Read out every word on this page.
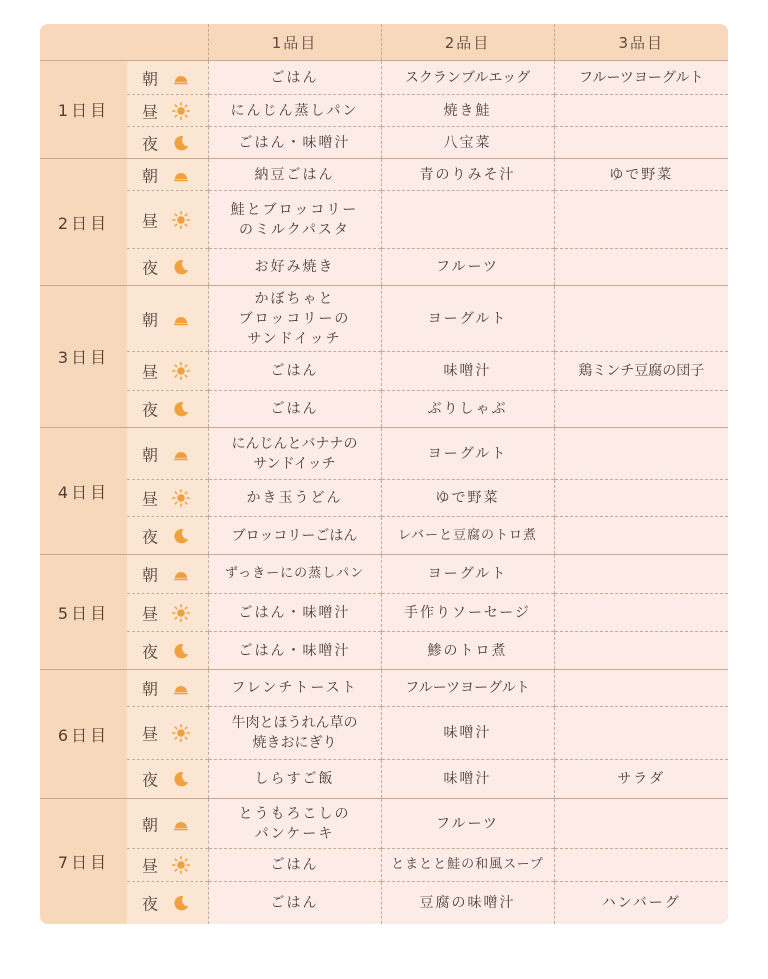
		1品目	2品目	3品目
1日目	朝	ごはん	スクランブルエッグ	フルーツヨーグルト

	昼	にんじん蒸しパン	焼き鮭	

	夜	ごはん・味噌汁	八宝菜	

2日目	朝	納豆ごはん	青のりみそ汁	ゆで野菜

	昼	鮭とブロッコリー
のミルクパスタ		

	夜	お好み焼き	フルーツ	

3日目	朝	かぼちゃと
ブロッコリーの
サンドイッチ	ヨーグルト	

	昼	ごはん	味噌汁	鶏ミンチ豆腐の団子

	夜	ごはん	ぶりしゃぶ	

4日目	朝	にんじんとバナナの
サンドイッチ	ヨーグルト	

	昼	かき玉うどん	ゆで野菜	

	夜	ブロッコリーごはん	レバーと豆腐のトロ煮	

5日目	朝	ずっきーにの蒸しパン	ヨーグルト	

	昼	ごはん・味噌汁	手作りソーセージ	

	夜	ごはん・味噌汁	鯵のトロ煮	

6日目	朝	フレンチトースト	フルーツヨーグルト	

	昼	牛肉とほうれん草の
焼きおにぎり	味噌汁	

	夜	しらすご飯	味噌汁	サラダ

7日目	朝	とうもろこしの
パンケーキ	フルーツ	

	昼	ごはん	とまとと鮭の和風スープ	

	夜	ごはん	豆腐の味噌汁	ハンバーグ
